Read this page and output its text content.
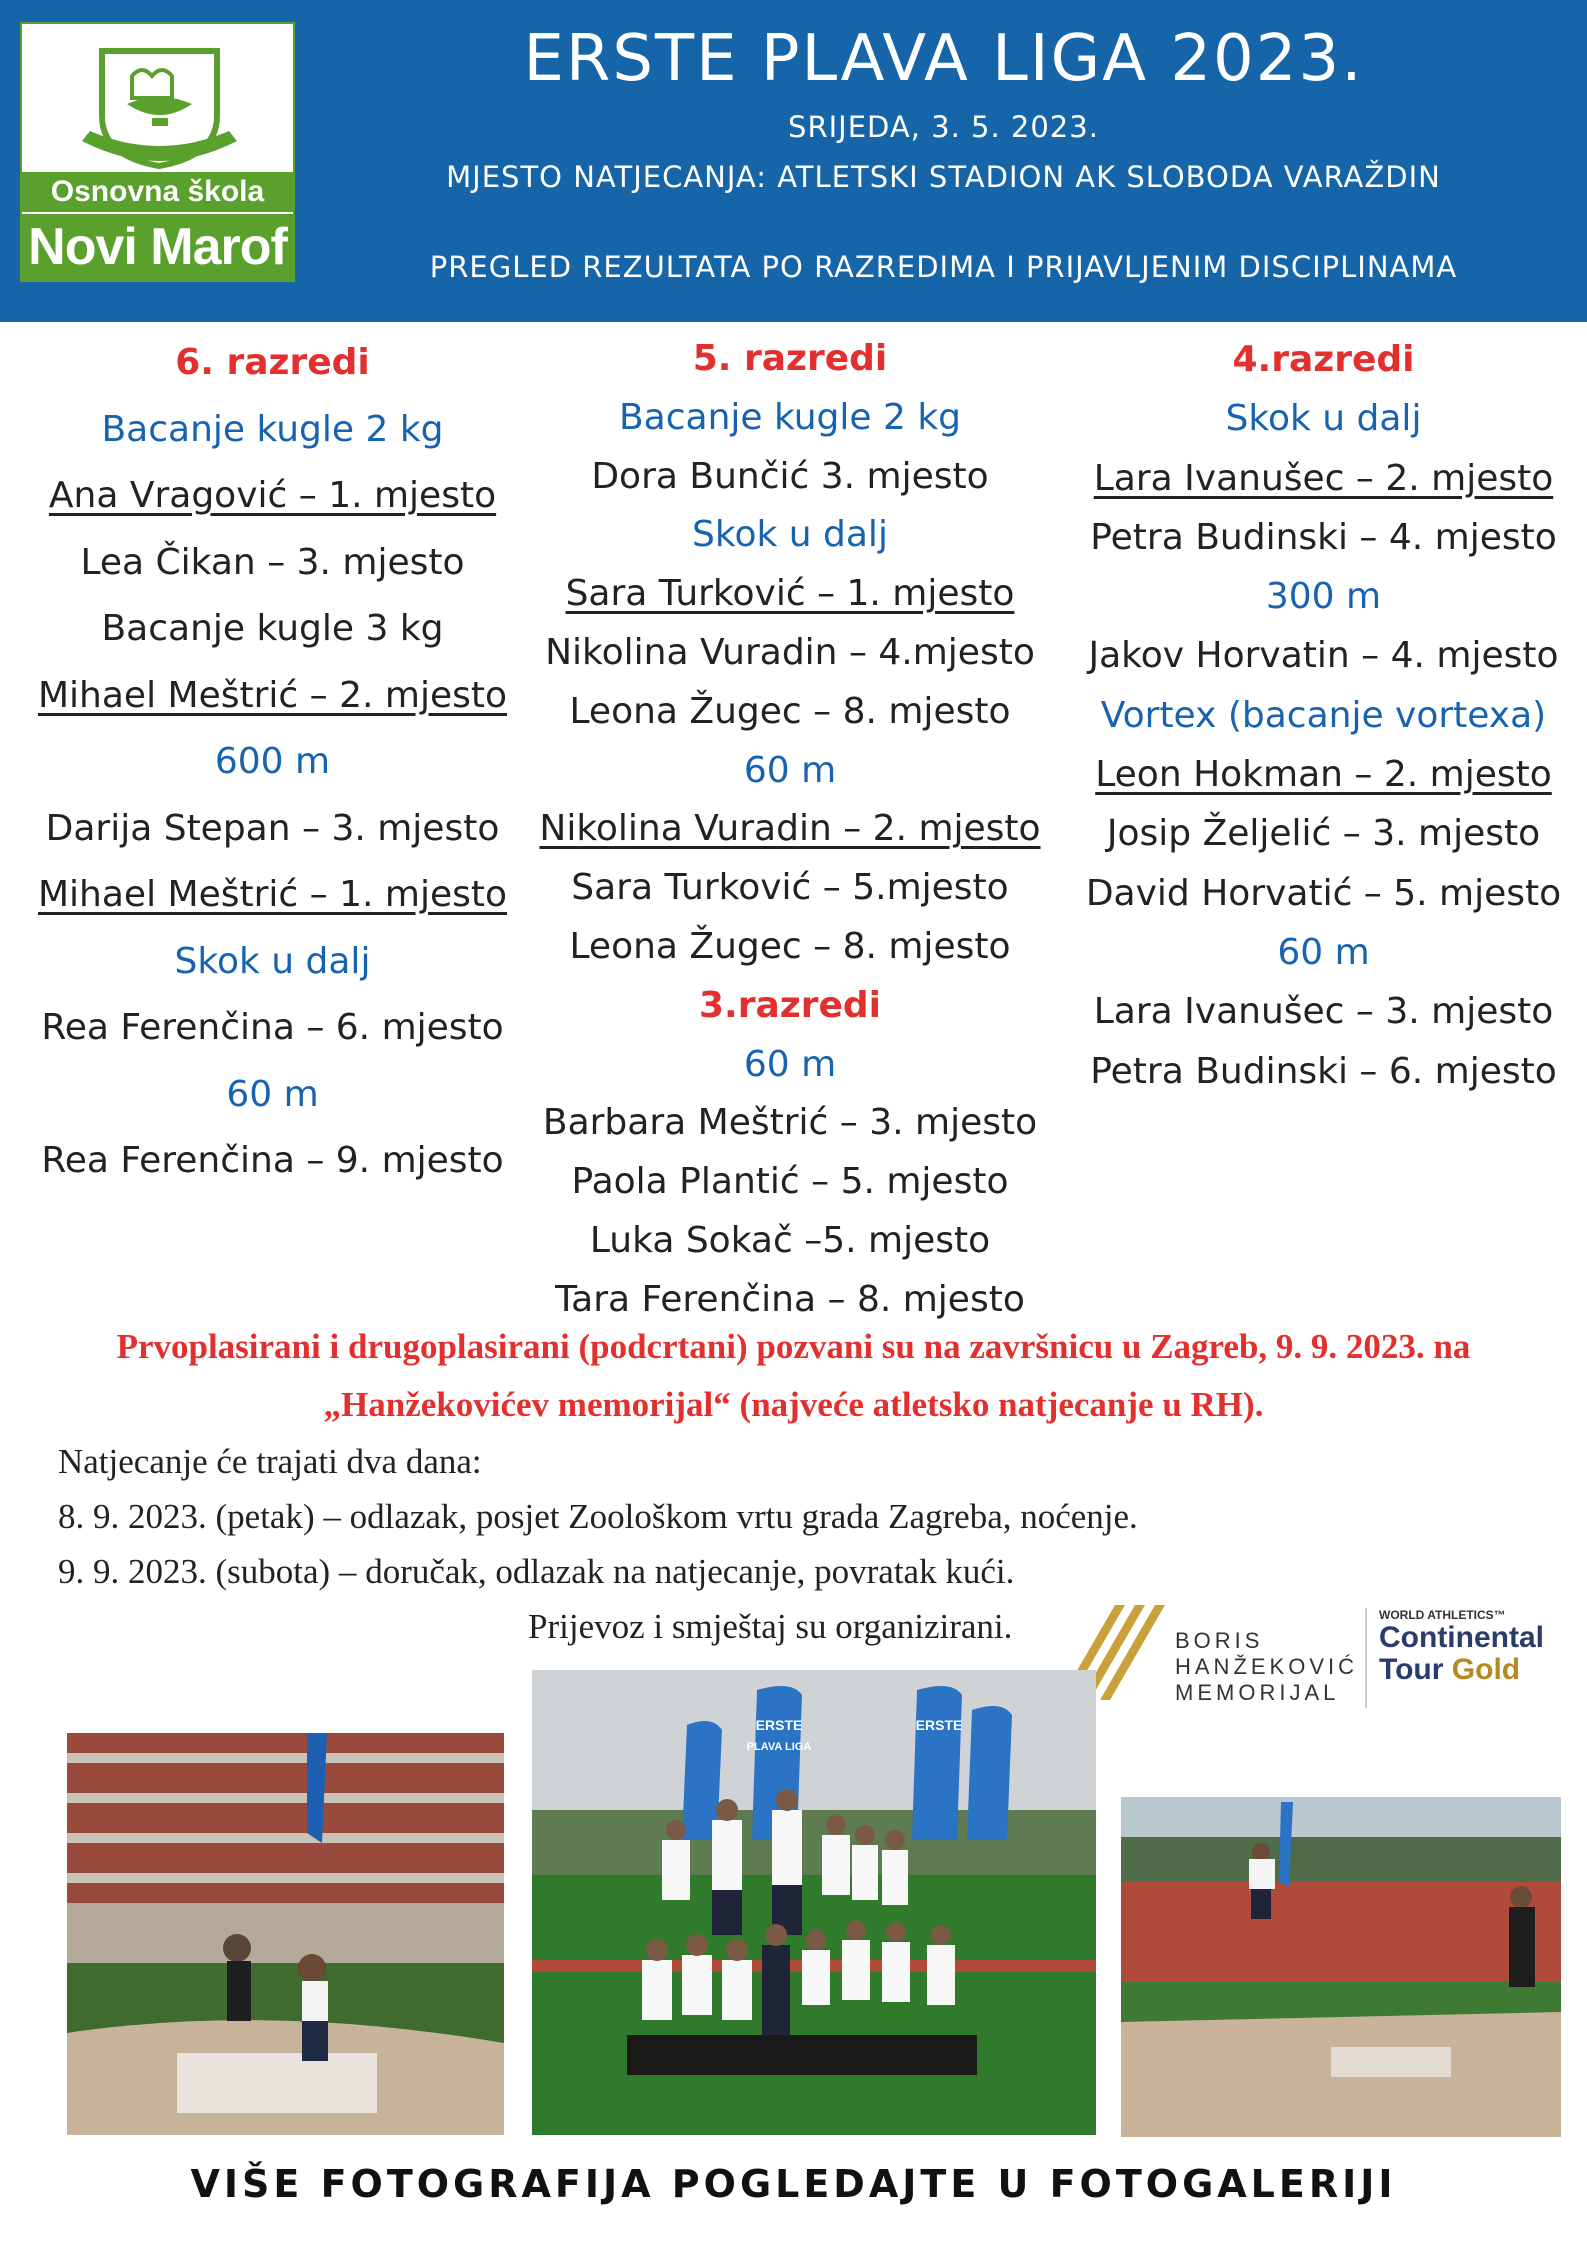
Osnovna škola
Novi Marof
ERSTE PLAVA LIGA 2023.
SRIJEDA, 3. 5. 2023.
MJESTO NATJECANJA: ATLETSKI STADION AK SLOBODA VARAŽDIN
PREGLED REZULTATA PO RAZREDIMA I PRIJAVLJENIM DISCIPLINAMA
6. razredi
Bacanje kugle 2 kg
Ana Vragović – 1. mjesto
Lea Čikan – 3. mjesto
Bacanje kugle 3 kg
Mihael Meštrić – 2. mjesto
600 m
Darija Stepan – 3. mjesto
Mihael Meštrić – 1. mjesto
Skok u dalj
Rea Ferenčina – 6. mjesto
60 m
Rea Ferenčina – 9. mjesto
5. razredi
Bacanje kugle 2 kg
Dora Bunčić 3. mjesto
Skok u dalj
Sara Turković – 1. mjesto
Nikolina Vuradin – 4.mjesto
Leona Žugec – 8. mjesto
60 m
Nikolina Vuradin – 2. mjesto
Sara Turković – 5.mjesto
Leona Žugec – 8. mjesto
3.razredi
60 m
Barbara Meštrić – 3. mjesto
Paola Plantić – 5. mjesto
Luka Sokač –5. mjesto
Tara Ferenčina – 8. mjesto
4.razredi
Skok u dalj
Lara Ivanušec – 2. mjesto
Petra Budinski – 4. mjesto
300 m
Jakov Horvatin – 4. mjesto
Vortex (bacanje vortexa)
Leon Hokman – 2. mjesto
Josip Željelić – 3. mjesto
David Horvatić – 5. mjesto
60 m
Lara Ivanušec – 3. mjesto
Petra Budinski – 6. mjesto
Prvoplasirani i drugoplasirani (podcrtani) pozvani su na završnicu u Zagreb, 9. 9. 2023. na
„Hanžekovićev memorijal“ (najveće atletsko natjecanje u RH).
Natjecanje će trajati dva dana:
8. 9. 2023. (petak) – odlazak, posjet Zoološkom vrtu grada Zagreba, noćenje.
9. 9. 2023. (subota) – doručak, odlazak na natjecanje, povratak kući.
Prijevoz i smještaj su organizirani.	BORIS
HANŽEKOVIĆ
MEMORIJAL
WORLD ATHLETICS™
Continental
Tour Gold
ERSTE
PLAVA LIGA
ERSTE
VIŠE FOTOGRAFIJA POGLEDAJTE U FOTOGALERIJI
